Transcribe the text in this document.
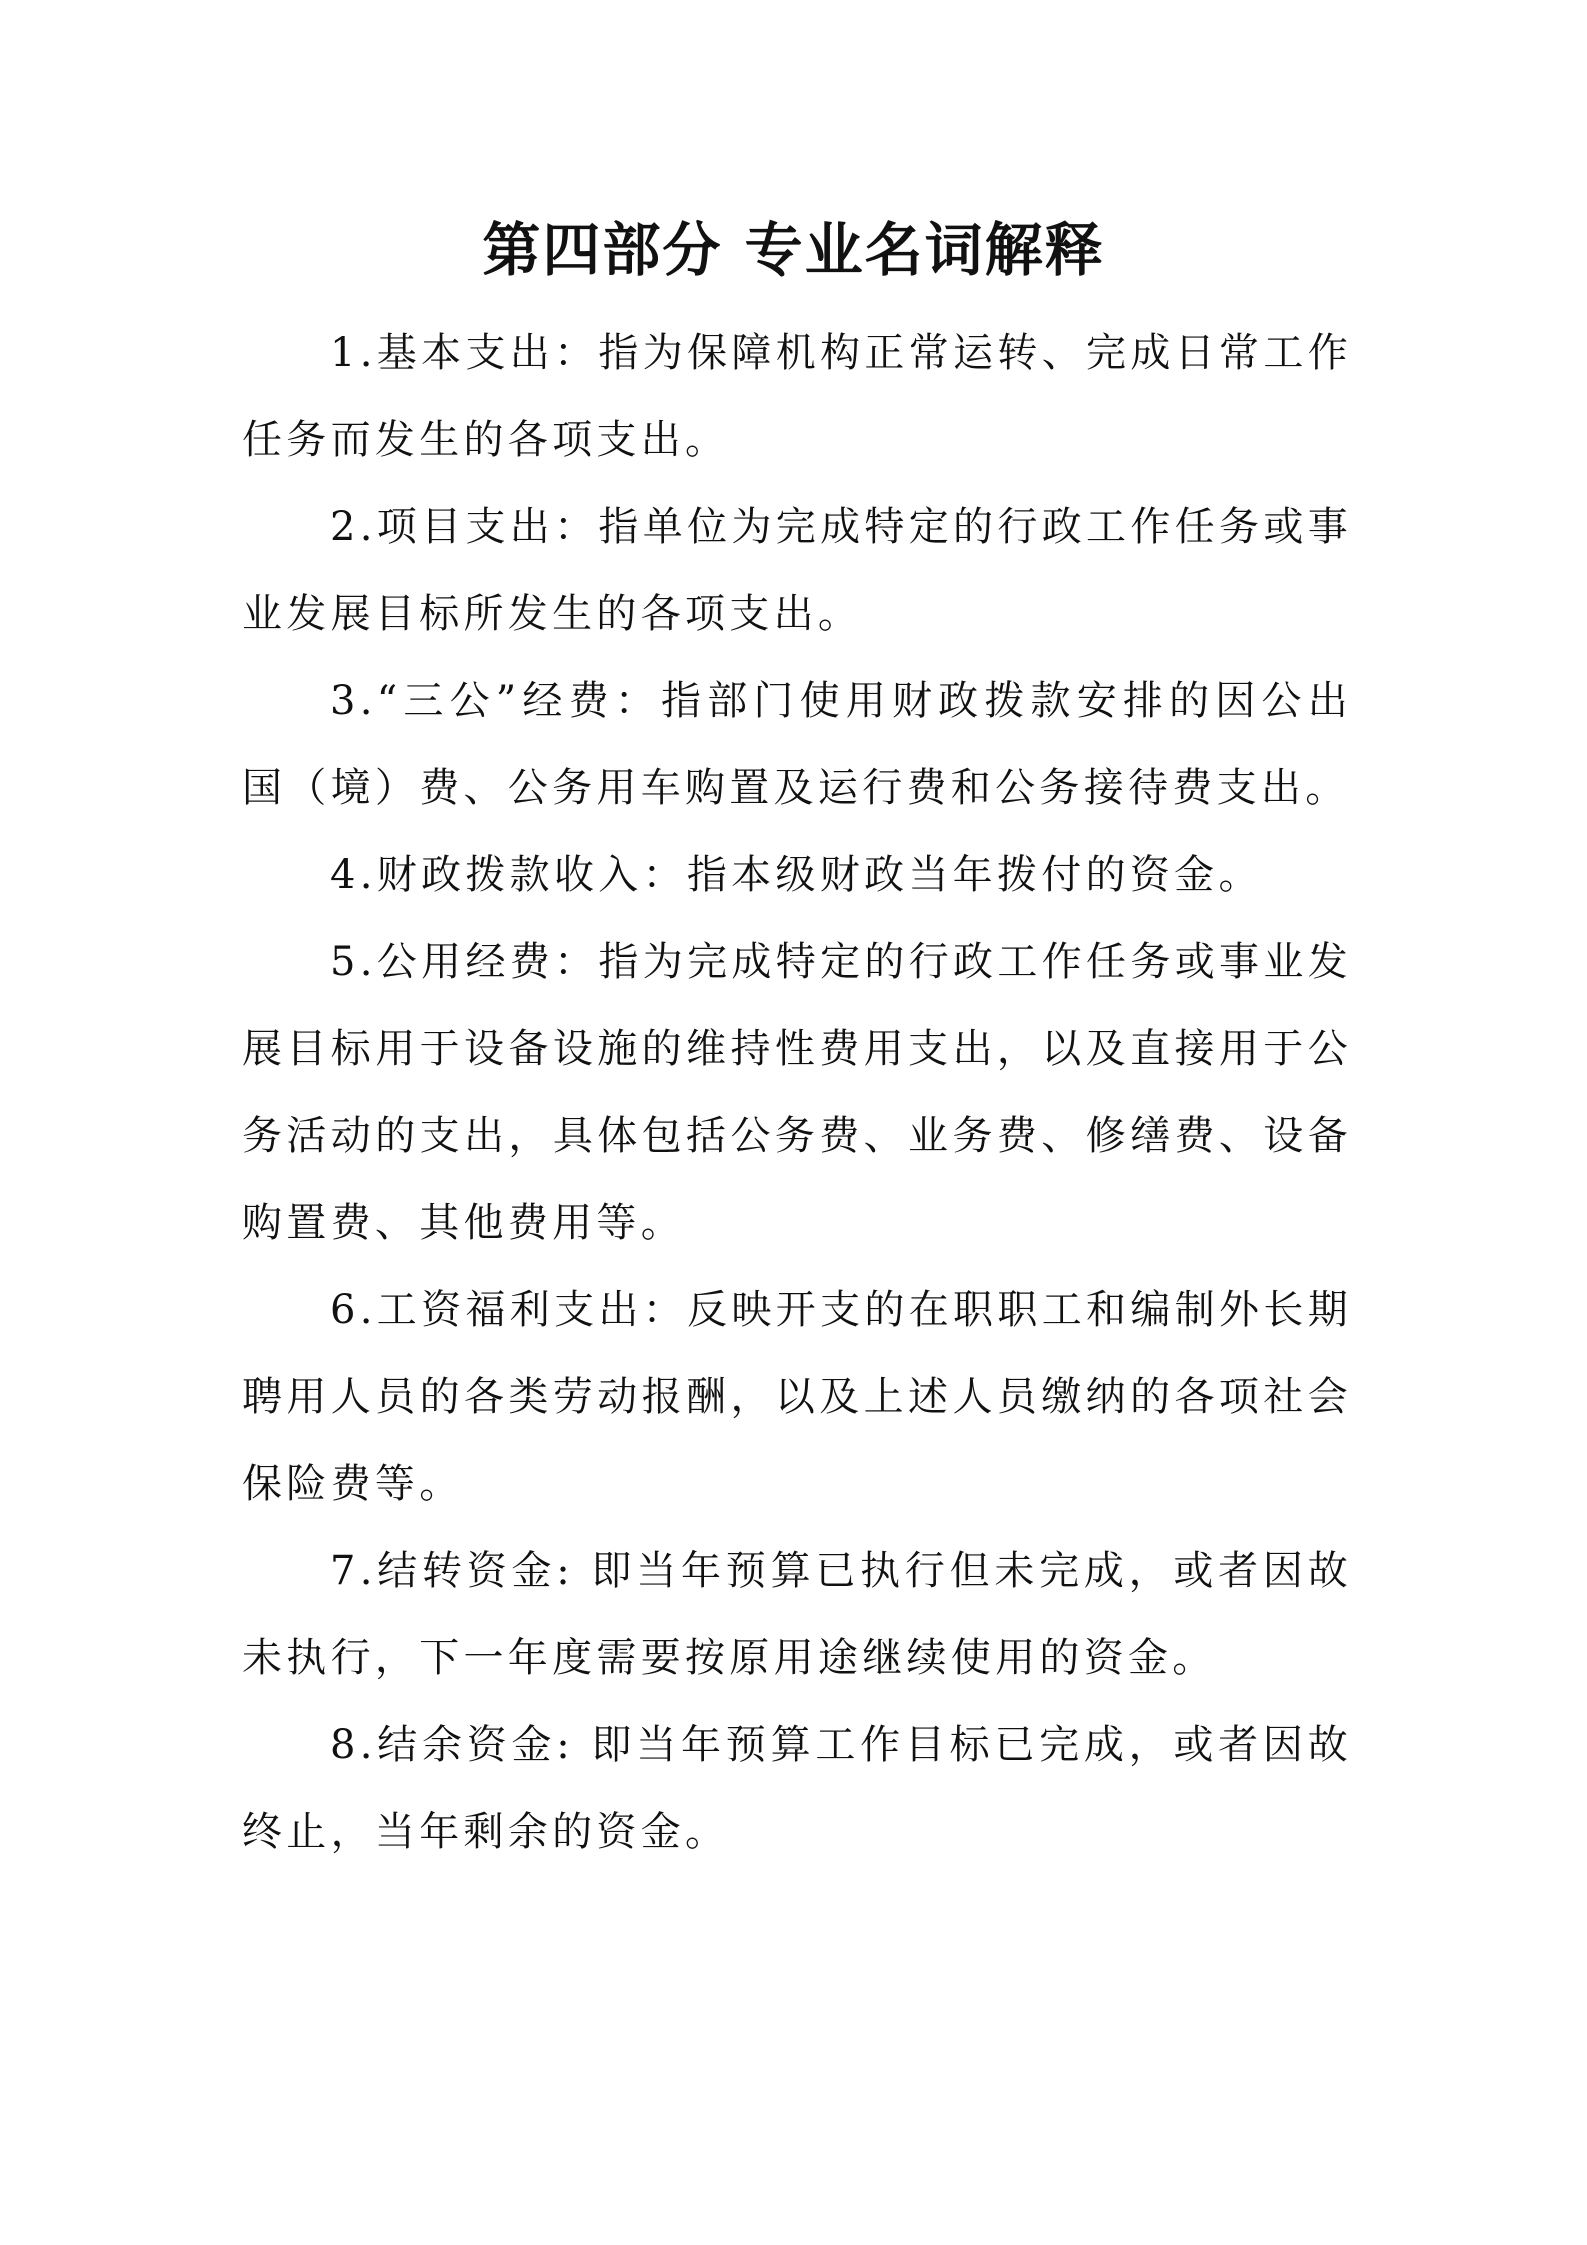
第四部分 专业名词解释

1.基本支出：指为保障机构正常运转、完成日常工作任务而发生的各项支出。

2.项目支出：指单位为完成特定的行政工作任务或事业发展目标所发生的各项支出。

3.“三公”经费：指部门使用财政拨款安排的因公出国（境）费、公务用车购置及运行费和公务接待费支出。

4.财政拨款收入：指本级财政当年拨付的资金。

5.公用经费：指为完成特定的行政工作任务或事业发展目标用于设备设施的维持性费用支出，以及直接用于公务活动的支出，具体包括公务费、业务费、修缮费、设备购置费、其他费用等。

6.工资福利支出：反映开支的在职职工和编制外长期聘用人员的各类劳动报酬，以及上述人员缴纳的各项社会保险费等。

7.结转资金: 即当年预算已执行但未完成，或者因故未执行，下一年度需要按原用途继续使用的资金。

8.结余资金: 即当年预算工作目标已完成，或者因故终止，当年剩余的资金。
